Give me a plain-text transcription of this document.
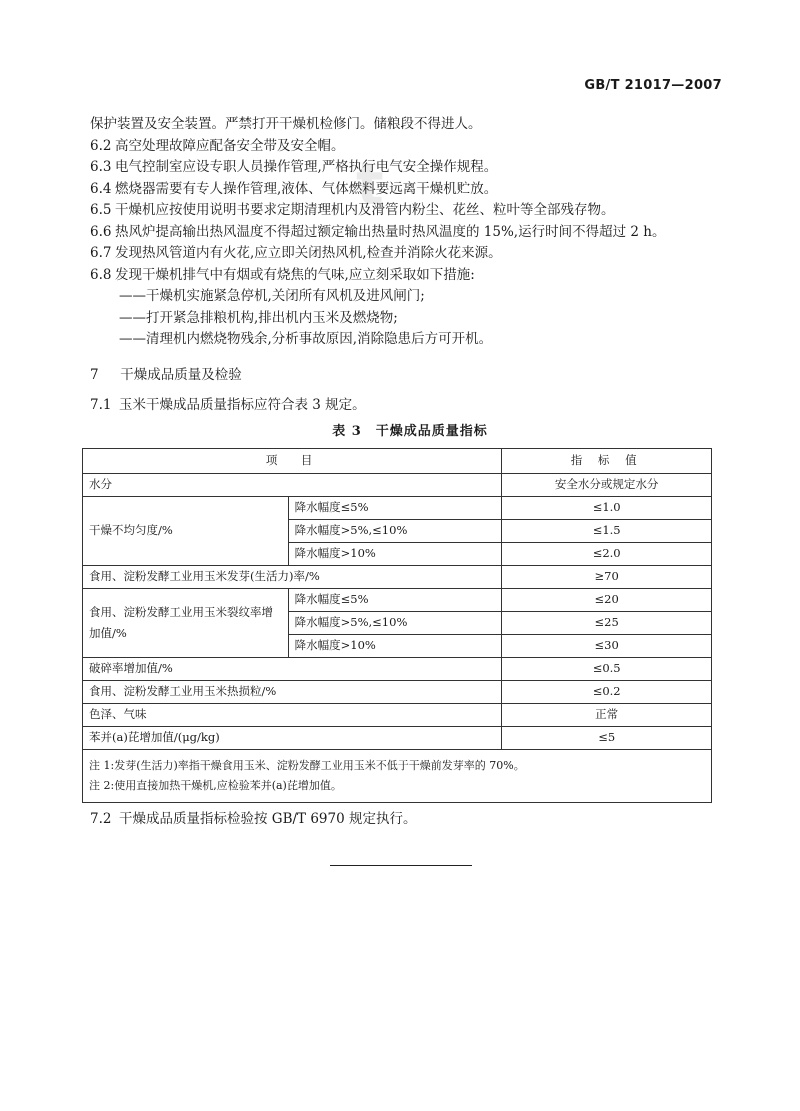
GB/T 21017—2007
t
保护装置及安全装置。严禁打开干燥机检修门。储粮段不得进人。
6.2 高空处理故障应配备安全带及安全帽。
6.3 电气控制室应设专职人员操作管理,严格执行电气安全操作规程。
6.4 燃烧器需要有专人操作管理,液体、气体燃料要远离干燥机贮放。
6.5 干燥机应按使用说明书要求定期清理机内及滑管内粉尘、花丝、粒叶等全部残存物。
6.6 热风炉提高输出热风温度不得超过额定输出热量时热风温度的 15%,运行时间不得超过 2 h。
6.7 发现热风管道内有火花,应立即关闭热风机,检查并消除火花来源。
6.8 发现干燥机排气中有烟或有烧焦的气味,应立刻采取如下措施:
——干燥机实施紧急停机,关闭所有风机及进风闸门;
——打开紧急排粮机构,排出机内玉米及燃烧物;
——清理机内燃烧物残余,分析事故原因,消除隐患后方可开机。
7 干燥成品质量及检验
7.1 玉米干燥成品质量指标应符合表 3 规定。
表 3　干燥成品质量指标
项　目		指 标 值
水分		安全水分或规定水分
干燥不均匀度/%	降水幅度≤5%	≤1.0
	降水幅度>5%,≤10%	≤1.5
	降水幅度>10%	≤2.0
食用、淀粉发酵工业用玉米发芽(生活力)率/%		≥70
食用、淀粉发酵工业用玉米裂纹率增加值/%	降水幅度≤5%	≤20
	降水幅度>5%,≤10%	≤25
	降水幅度>10%	≤30
破碎率增加值/%		≤0.5
食用、淀粉发酵工业用玉米热损粒/%		≤0.2
色泽、气味		正常
苯并(a)芘增加值/(μg/kg)		≤5

注 1:发芽(生活力)率指干燥食用玉米、淀粉发酵工业用玉米不低于干燥前发芽率的 70%。
注 2:使用直接加热干燥机,应检验苯并(a)芘增加值。		
7.2 干燥成品质量指标检验按 GB/T 6970 规定执行。
